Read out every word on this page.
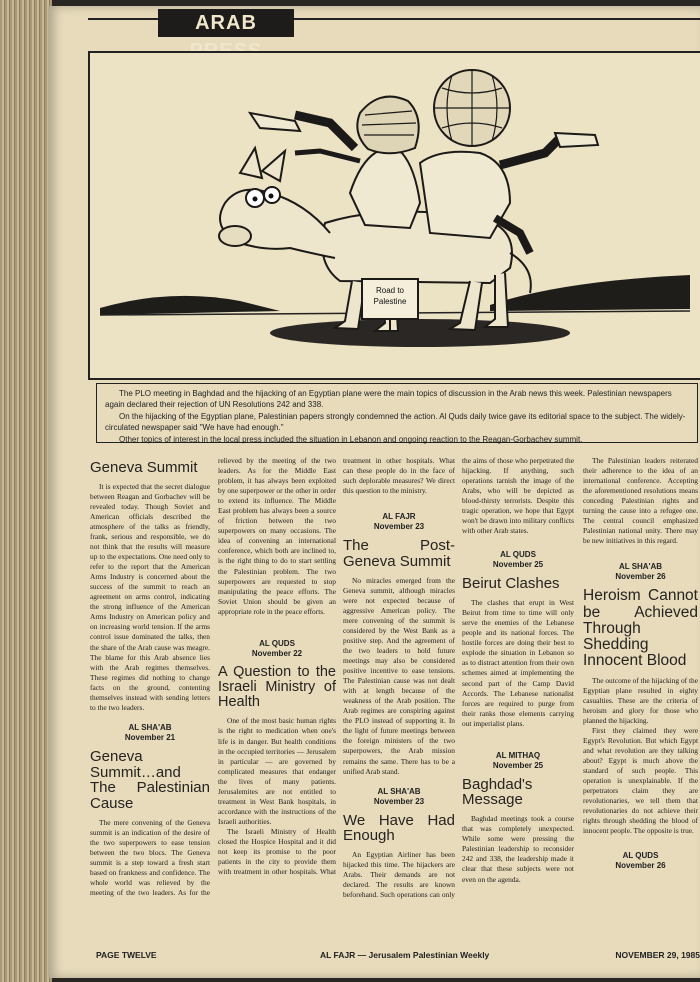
ARAB
Road to
Palestine

The PLO meeting in Baghdad and the hijacking of an Egyptian plane were the main topics of discussion in the Arab news this week. Palestinian newspapers again declared their rejection of UN Resolutions 242 and 338.

On the hijacking of the Egyptian plane, Palestinian papers strongly condemned the action. Al Quds daily twice gave its editorial space to the subject. The widely-circulated newspaper said "We have had enough."

Other topics of interest in the local press included the situation in Lebanon and ongoing reaction to the Reagan-Gorbachev summit.

Geneva Summit

It is expected that the secret dialogue between Reagan and Gorbachev will be revealed today. Though Soviet and American officials described the atmosphere of the talks as friendly, frank, serious and responsible, we do not think that the results will measure up to the expectations. One need only to refer to the report that the American Arms Industry is concerned about the success of the summit to reach an agreement on arms control, indicating the strong influence of the American Arms Industry on American policy and on increasing world tension. If the arms control issue dominated the talks, then the share of the Arab cause was meagre. The blame for this Arab absence lies with the Arab regimes themselves. These regimes did nothing to change facts on the ground, contenting themselves instead with sending letters to the two leaders.

AL SHA'AB
November 21
Geneva Summit…and The Palestinian Cause

The mere convening of the Geneva summit is an indication of the desire of the two superpowers to ease tension between the two blocs. The Geneva summit is a step toward a fresh start based on frankness and confidence. The whole world was relieved by the meeting of the two leaders. As for the

relieved by the meeting of the two leaders. As for the Middle East problem, it has always been exploited by one superpower or the other in order to extend its influence. The Middle East problem has always been a source of friction between the two superpowers on many occasions. The idea of convening an international conference, which both are inclined to, is the right thing to do to start settling the Palestinian problem. The two superpowers are requested to stop manipulating the peace efforts. The Soviet Union should be given an appropriate role in the peace efforts.

AL QUDS
November 22
A Question to the Israeli Ministry of Health

One of the most basic human rights is the right to medication when one's life is in danger. But health conditions in the occupied territories — Jerusalem in particular — are governed by complicated measures that endanger the lives of many patients. Jerusalemites are not entitled to treatment in West Bank hospitals, in accordance with the instructions of the Israeli authorities.

The Israeli Ministry of Health closed the Hospice Hospital and it did not keep its promise to the poor patients in the city to provide them with treatment in other hospitals. What

treatment in other hospitals. What can these people do in the face of such deplorable measures? We direct this question to the ministry.

AL FAJR
November 23
The Post-Geneva Summit

No miracles emerged from the Geneva summit, although miracles were not expected because of aggressive American policy. The mere convening of the summit is considered by the West Bank as a positive step. And the agreement of the two leaders to hold future meetings may also be considered positive incentive to ease tensions. The Palestinian cause was not dealt with at length because of the weakness of the Arab position. The Arab regimes are conspiring against the PLO instead of supporting it. In the light of future meetings between the foreign ministers of the two superpowers, the Arab mission remains the same. There has to be a unified Arab stand.

AL SHA'AB
November 23
We Have Had Enough

An Egyptian Airliner has been hijacked this time. The hijackers are Arabs. Their demands are not declared. The results are known beforehand. Such operations can only

the aims of those who perpetrated the hijacking. If anything, such operations tarnish the image of the Arabs, who will be depicted as blood-thirsty terrorists. Despite this tragic operation, we hope that Egypt won't be drawn into military conflicts with other Arab states.

AL QUDS
November 25
Beirut Clashes

The clashes that erupt in West Beirut from time to time will only serve the enemies of the Lebanese people and its national forces. The hostile forces are doing their best to explode the situation in Lebanon so as to distract attention from their own schemes aimed at implementing the second part of the Camp David Accords. The Lebanese nationalist forces are required to purge from their ranks those elements carrying out imperialist plans.

AL MITHAQ
November 25
Baghdad's Message

Baghdad meetings took a course that was completely unexpected. While some were pressing the Palestinian leadership to reconsider 242 and 338, the leadership made it clear that these subjects were not even on the agenda.

The Palestinian leaders reiterated their adherence to the idea of an international conference. Accepting the aforementioned resolutions means conceding Palestinian rights and turning the cause into a refugee one. The central council emphasized Palestinian national unity. There may be new initiatives in this regard.

AL SHA'AB
November 26
Heroism Cannot be Achieved Through Shedding Innocent Blood

The outcome of the hijacking of the Egyptian plane resulted in eighty casualties. These are the criteria of heroism and glory for those who planned the hijacking.

First they claimed they were Egypt's Revolution. But which Egypt and what revolution are they talking about? Egypt is much above the standard of such people. This operation is unexplainable. If the perpetrators claim they are revolutionaries, we tell them that revolutionaries do not achieve their rights through shedding the blood of innocent people. The opposite is true.

AL QUDS
November 26
PAGE TWELVE	AL FAJR — Jerusalem Palestinian Weekly	NOVEMBER 29, 1985
